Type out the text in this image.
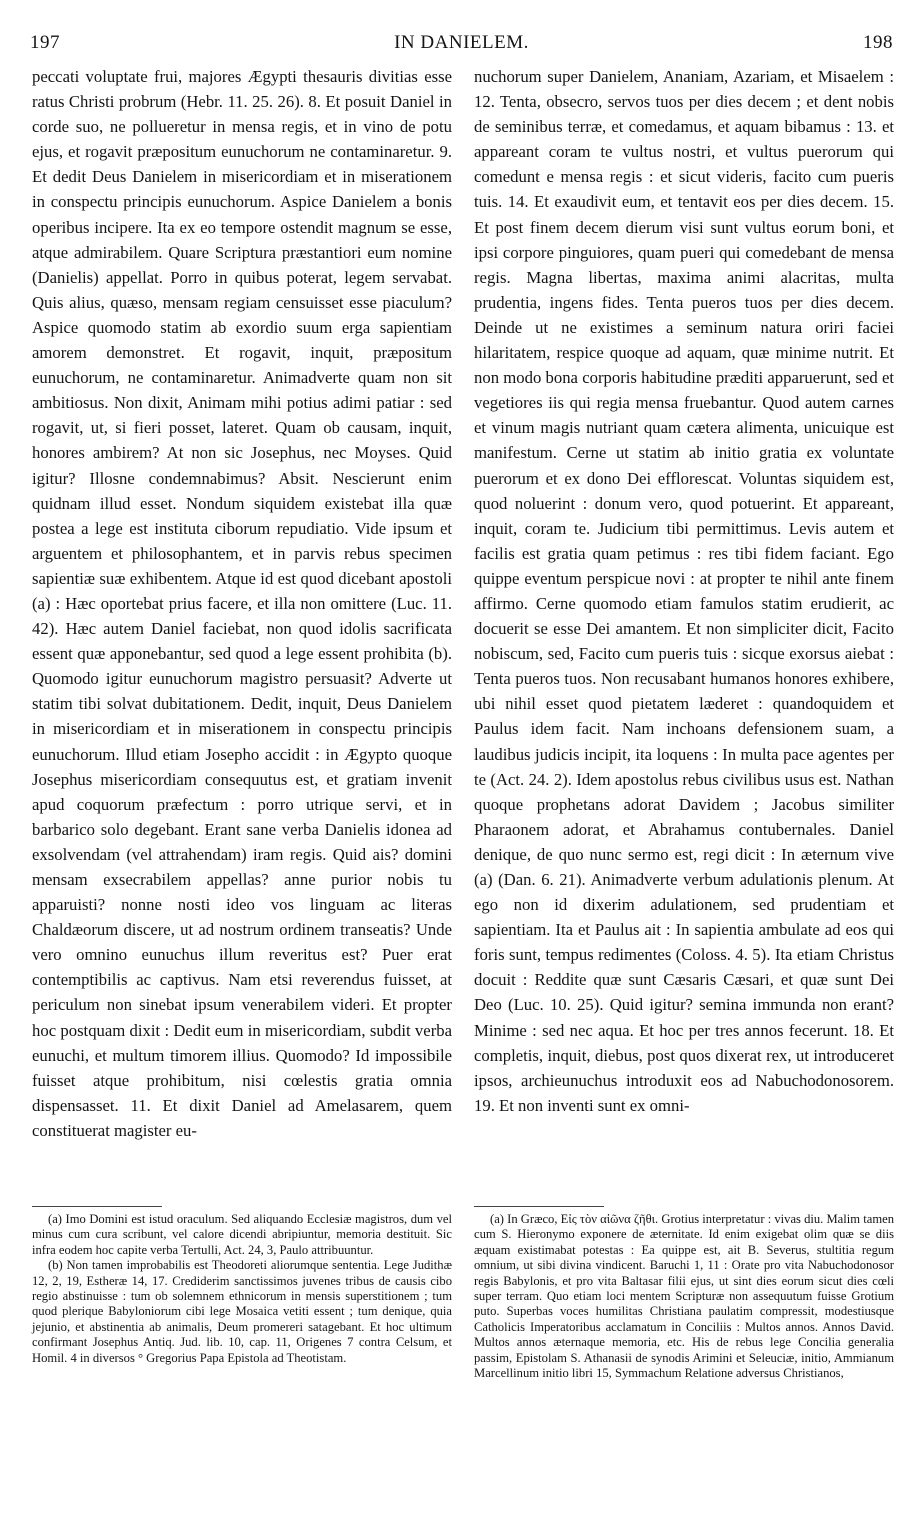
197	IN DANIELEM.	198

peccati voluptate frui, majores Ægypti thesauris divitias esse ratus Christi probrum (Hebr. 11. 25. 26). 8. Et posuit Daniel in corde suo, ne pollueretur in mensa regis, et in vino de potu ejus, et rogavit præpositum eunuchorum ne contaminaretur. 9. Et dedit Deus Danielem in misericordiam et in miserationem in conspectu principis eunuchorum. Aspice Danielem a bonis operibus incipere. Ita ex eo tempore ostendit magnum se esse, atque admirabilem. Quare Scriptura præstantiori eum nomine (Danielis) appellat. Porro in quibus poterat, legem servabat. Quis alius, quæso, mensam regiam censuisset esse piaculum? Aspice quomodo statim ab exordio suum erga sapientiam amorem demonstret. Et rogavit, inquit, præpositum eunuchorum, ne contaminaretur. Animadverte quam non sit ambitiosus. Non dixit, Animam mihi potius adimi patiar : sed rogavit, ut, si fieri posset, lateret. Quam ob causam, inquit, honores ambirem? At non sic Josephus, nec Moyses. Quid igitur? Illosne condemnabimus? Absit. Nescierunt enim quidnam illud esset. Nondum siquidem existebat illa quæ postea a lege est instituta ciborum repudiatio. Vide ipsum et arguentem et philosophantem, et in parvis rebus specimen sapientiæ suæ exhibentem. Atque id est quod dicebant apostoli (a) : Hæc oportebat prius facere, et illa non omittere (Luc. 11. 42). Hæc autem Daniel faciebat, non quod idolis sacrificata essent quæ apponebantur, sed quod a lege essent prohibita (b). Quomodo igitur eunuchorum magistro persuasit? Adverte ut statim tibi solvat dubitationem. Dedit, inquit, Deus Danielem in misericordiam et in miserationem in conspectu principis eunuchorum. Illud etiam Josepho accidit : in Ægypto quoque Josephus misericordiam consequutus est, et gratiam invenit apud coquorum præfectum : porro utrique servi, et in barbarico solo degebant. Erant sane verba Danielis idonea ad exsolvendam (vel attrahendam) iram regis. Quid ais? domini mensam exsecrabilem appellas? anne purior nobis tu apparuisti? nonne nosti ideo vos linguam ac literas Chaldæorum discere, ut ad nostrum ordinem transeatis? Unde vero omnino eunuchus illum reveritus est? Puer erat contemptibilis ac captivus. Nam etsi reverendus fuisset, at periculum non sinebat ipsum venerabilem videri. Et propter hoc postquam dixit : Dedit eum in misericordiam, subdit verba eunuchi, et multum timorem illius. Quomodo? Id impossibile fuisset atque prohibitum, nisi cœlestis gratia omnia dispensasset. 11. Et dixit Daniel ad Amelasarem, quem constituerat magister eu-

nuchorum super Danielem, Ananiam, Azariam, et Misaelem : 12. Tenta, obsecro, servos tuos per dies decem ; et dent nobis de seminibus terræ, et comedamus, et aquam bibamus : 13. et appareant coram te vultus nostri, et vultus puerorum qui comedunt e mensa regis : et sicut videris, facito cum pueris tuis. 14. Et exaudivit eum, et tentavit eos per dies decem. 15. Et post finem decem dierum visi sunt vultus eorum boni, et ipsi corpore pinguiores, quam pueri qui comedebant de mensa regis. Magna libertas, maxima animi alacritas, multa prudentia, ingens fides. Tenta pueros tuos per dies decem. Deinde ut ne existimes a seminum natura oriri faciei hilaritatem, respice quoque ad aquam, quæ minime nutrit. Et non modo bona corporis habitudine præditi apparuerunt, sed et vegetiores iis qui regia mensa fruebantur. Quod autem carnes et vinum magis nutriant quam cætera alimenta, unicuique est manifestum. Cerne ut statim ab initio gratia ex voluntate puerorum et ex dono Dei efflorescat. Voluntas siquidem est, quod noluerint : donum vero, quod potuerint. Et appareant, inquit, coram te. Judicium tibi permittimus. Levis autem et facilis est gratia quam petimus : res tibi fidem faciant. Ego quippe eventum perspicue novi : at propter te nihil ante finem affirmo. Cerne quomodo etiam famulos statim erudierit, ac docuerit se esse Dei amantem. Et non simpliciter dicit, Facito nobiscum, sed, Facito cum pueris tuis : sicque exorsus aiebat : Tenta pueros tuos. Non recusabant humanos honores exhibere, ubi nihil esset quod pietatem læderet : quandoquidem et Paulus idem facit. Nam inchoans defensionem suam, a laudibus judicis incipit, ita loquens : In multa pace agentes per te (Act. 24. 2). Idem apostolus rebus civilibus usus est. Nathan quoque prophetans adorat Davidem ; Jacobus similiter Pharaonem adorat, et Abrahamus contubernales. Daniel denique, de quo nunc sermo est, regi dicit : In æternum vive (a) (Dan. 6. 21). Animadverte verbum adulationis plenum. At ego non id dixerim adulationem, sed prudentiam et sapientiam. Ita et Paulus ait : In sapientia ambulate ad eos qui foris sunt, tempus redimentes (Coloss. 4. 5). Ita etiam Christus docuit : Reddite quæ sunt Cæsaris Cæsari, et quæ sunt Dei Deo (Luc. 10. 25). Quid igitur? semina immunda non erant? Minime : sed nec aqua. Et hoc per tres annos fecerunt. 18. Et completis, inquit, diebus, post quos dixerat rex, ut introduceret ipsos, archieunuchus introduxit eos ad Nabuchodonosorem. 19. Et non inventi sunt ex omni-

(a) Imo Domini est istud oraculum. Sed aliquando Ecclesiæ magistros, dum vel minus cum cura scribunt, vel calore dicendi abripiuntur, memoria destituit. Sic infra eodem hoc capite verba Tertulli, Act. 24, 3, Paulo attribuuntur.

(b) Non tamen improbabilis est Theodoreti aliorumque sententia. Lege Judithæ 12, 2, 19, Estheræ 14, 17. Crediderim sanctissimos juvenes tribus de causis cibo regio abstinuisse : tum ob solemnem ethnicorum in mensis superstitionem ; tum quod plerique Babyloniorum cibi lege Mosaica vetiti essent ; tum denique, quia jejunio, et abstinentia ab animalis, Deum promereri satagebant. Et hoc ultimum confirmant Josephus Antiq. Jud. lib. 10, cap. 11, Origenes 7 contra Celsum, et Homil. 4 in diversos ° Gregorius Papa Epistola ad Theotistam.

(a) In Græco, Εἰς τὸν αἰῶνα ζῆθι. Grotius interpretatur : vivas diu. Malim tamen cum S. Hieronymo exponere de æternitate. Id enim exigebat olim quæ se diis æquam existimabat potestas : Ea quippe est, ait B. Severus, stultitia regum omnium, ut sibi divina vindicent. Baruchi 1, 11 : Orate pro vita Nabuchodonosor regis Babylonis, et pro vita Baltasar filii ejus, ut sint dies eorum sicut dies cœli super terram. Quo etiam loci mentem Scripturæ non assequutum fuisse Grotium puto. Superbas voces humilitas Christiana paulatim compressit, modestiusque Catholicis Imperatoribus acclamatum in Conciliis : Multos annos. Annos David. Multos annos æternaque memoria, etc. His de rebus lege Concilia generalia passim, Epistolam S. Athanasii de synodis Arimini et Seleuciæ, initio, Ammianum Marcellinum initio libri 15, Symmachum Relatione adversus Christianos,
